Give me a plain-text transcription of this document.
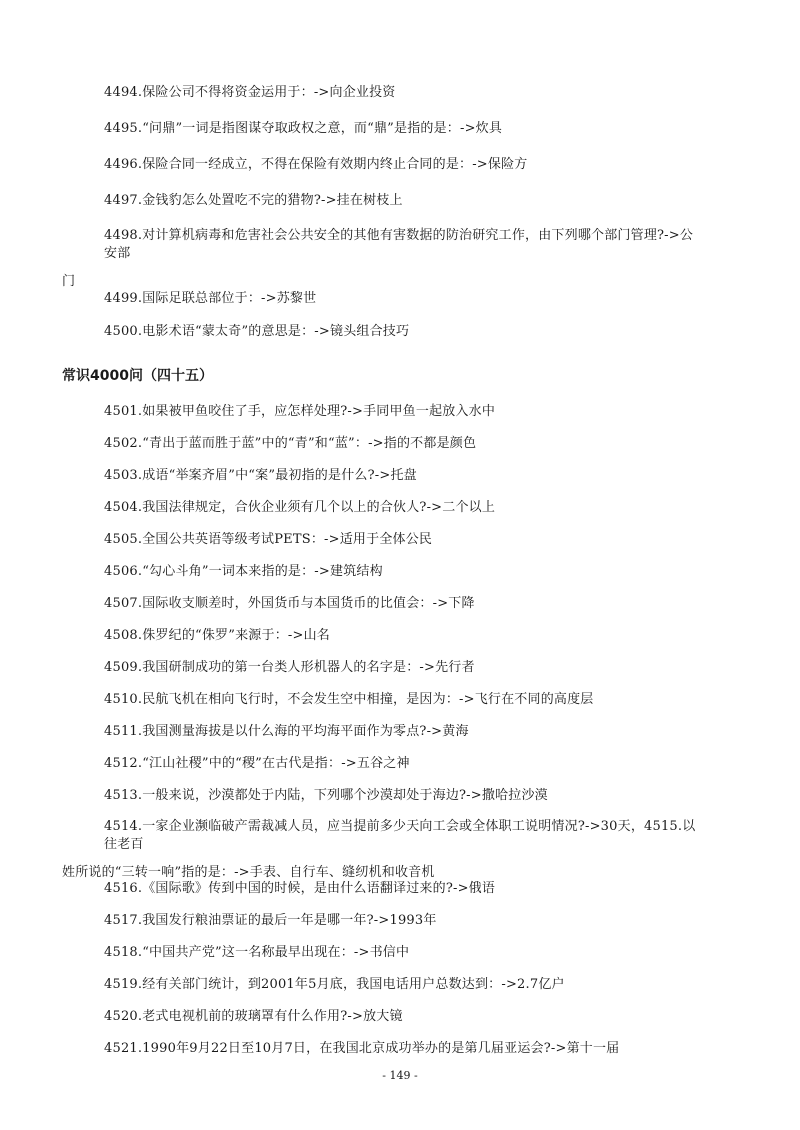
4494.保险公司不得将资金运用于：->向企业投资
4495.“问鼎”一词是指图谋夺取政权之意，而“鼎”是指的是：->炊具
4496.保险合同一经成立，不得在保险有效期内终止合同的是：->保险方
4497.金钱豹怎么处置吃不完的猎物?->挂在树枝上
4498.对计算机病毒和危害社会公共安全的其他有害数据的防治研究工作，由下列哪个部门管理?->公安部
门
4499.国际足联总部位于：->苏黎世
4500.电影术语“蒙太奇”的意思是：->镜头组合技巧
常识4000问（四十五）
4501.如果被甲鱼咬住了手，应怎样处理?->手同甲鱼一起放入水中
4502.“青出于蓝而胜于蓝”中的“青”和“蓝”：->指的不都是颜色
4503.成语“举案齐眉”中“案”最初指的是什么?->托盘
4504.我国法律规定，合伙企业须有几个以上的合伙人?->二个以上
4505.全国公共英语等级考试PETS：->适用于全体公民
4506.“勾心斗角”一词本来指的是：->建筑结构
4507.国际收支顺差时，外国货币与本国货币的比值会：->下降
4508.侏罗纪的“侏罗”来源于：->山名
4509.我国研制成功的第一台类人形机器人的名字是：->先行者
4510.民航飞机在相向飞行时，不会发生空中相撞，是因为：->飞行在不同的高度层
4511.我国测量海拔是以什么海的平均海平面作为零点?->黄海
4512.“江山社稷”中的“稷”在古代是指：->五谷之神
4513.一般来说，沙漠都处于内陆，下列哪个沙漠却处于海边?->撒哈拉沙漠
4514.一家企业濒临破产需裁减人员，应当提前多少天向工会或全体职工说明情况?->30天，4515.以往老百
姓所说的“三转一响”指的是：->手表、自行车、缝纫机和收音机
4516.《国际歌》传到中国的时候，是由什么语翻译过来的?->俄语
4517.我国发行粮油票证的最后一年是哪一年?->1993年
4518.“中国共产党”这一名称最早出现在：->书信中
4519.经有关部门统计，到2001年5月底，我国电话用户总数达到：->2.7亿户
4520.老式电视机前的玻璃罩有什么作用?->放大镜
4521.1990年9月22日至10月7日，在我国北京成功举办的是第几届亚运会?->第十一届
- 149 -
